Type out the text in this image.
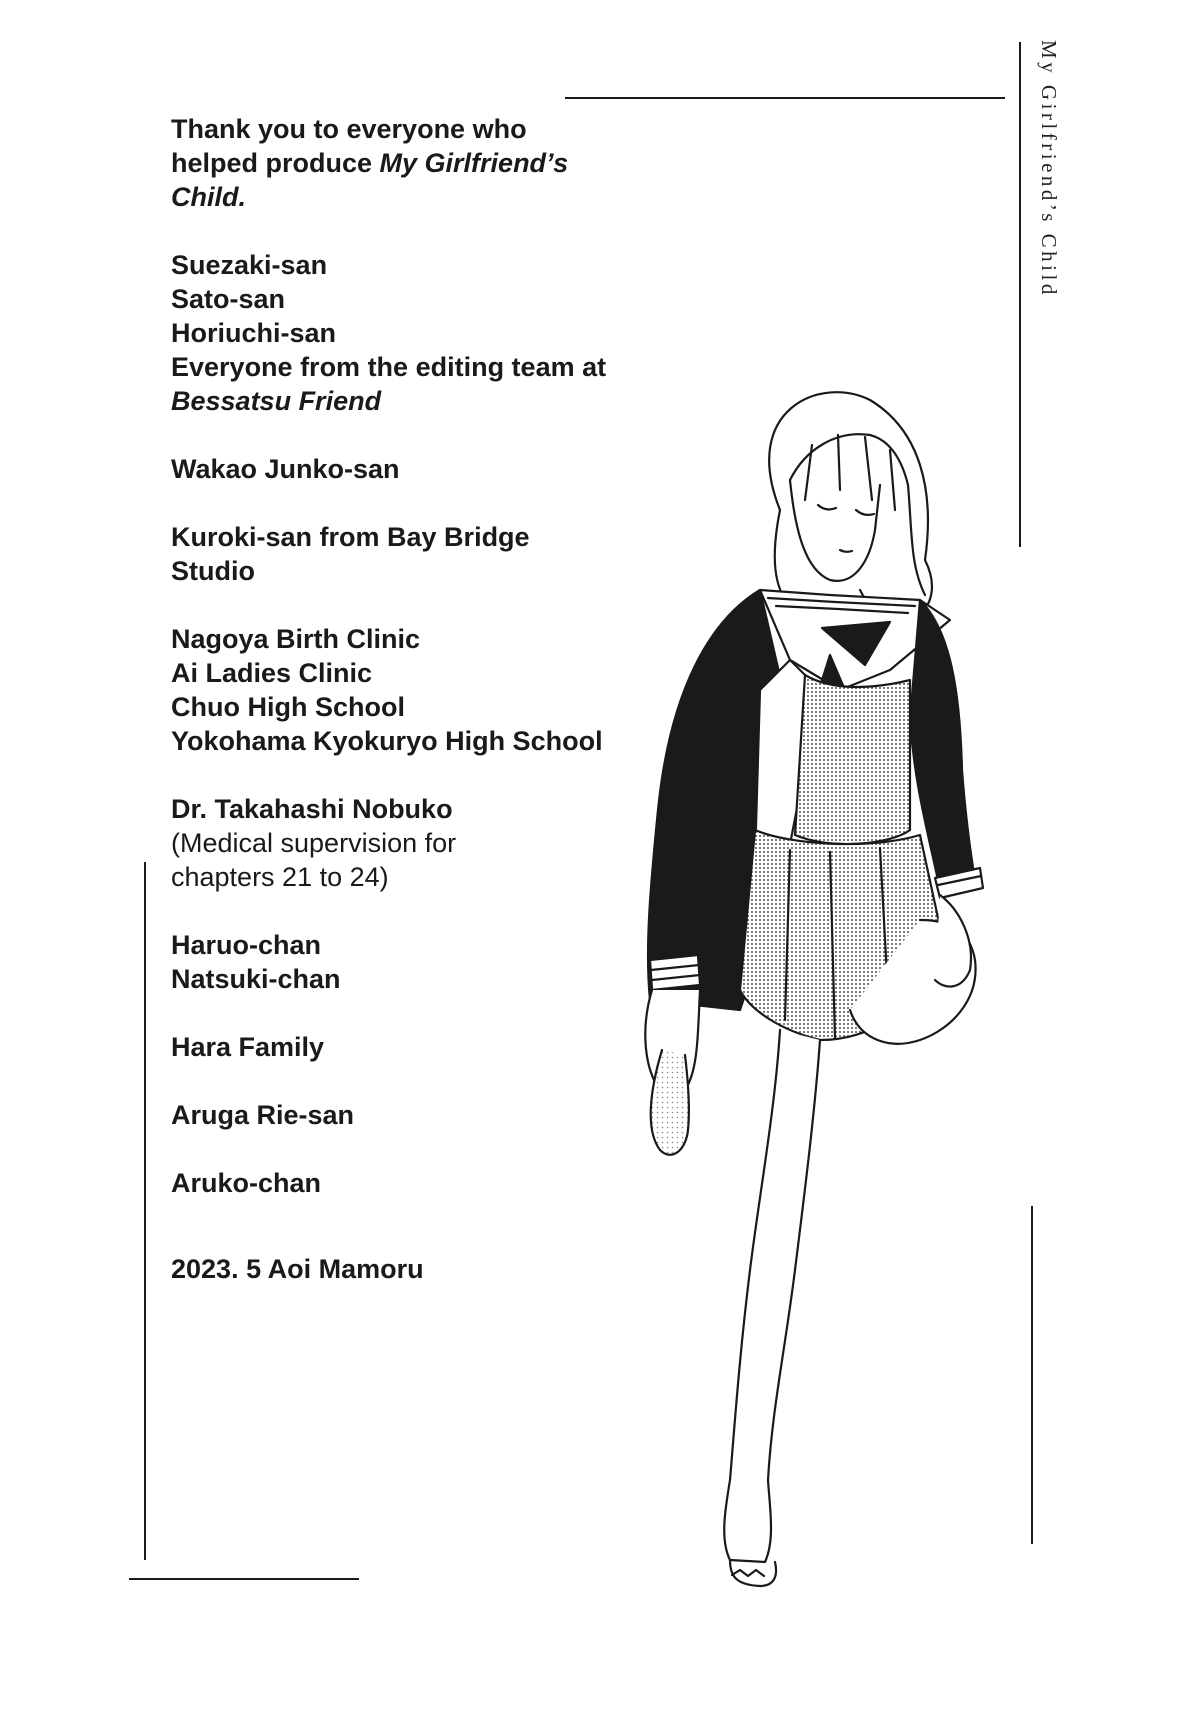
My Girlfriend’s Child
Thank you to everyone who
helped produce My Girlfriend’s
Child.
Suezaki-san
Sato-san
Horiuchi-san
Everyone from the editing team at
Bessatsu Friend
Wakao Junko-san
Kuroki-san from Bay Bridge
Studio
Nagoya Birth Clinic
Ai Ladies Clinic
Chuo High School
Yokohama Kyokuryo High School
Dr. Takahashi Nobuko
(Medical supervision for
chapters 21 to 24)
Haruo-chan
Natsuki-chan
Hara Family
Aruga Rie-san
Aruko-chan
2023. 5 Aoi Mamoru
